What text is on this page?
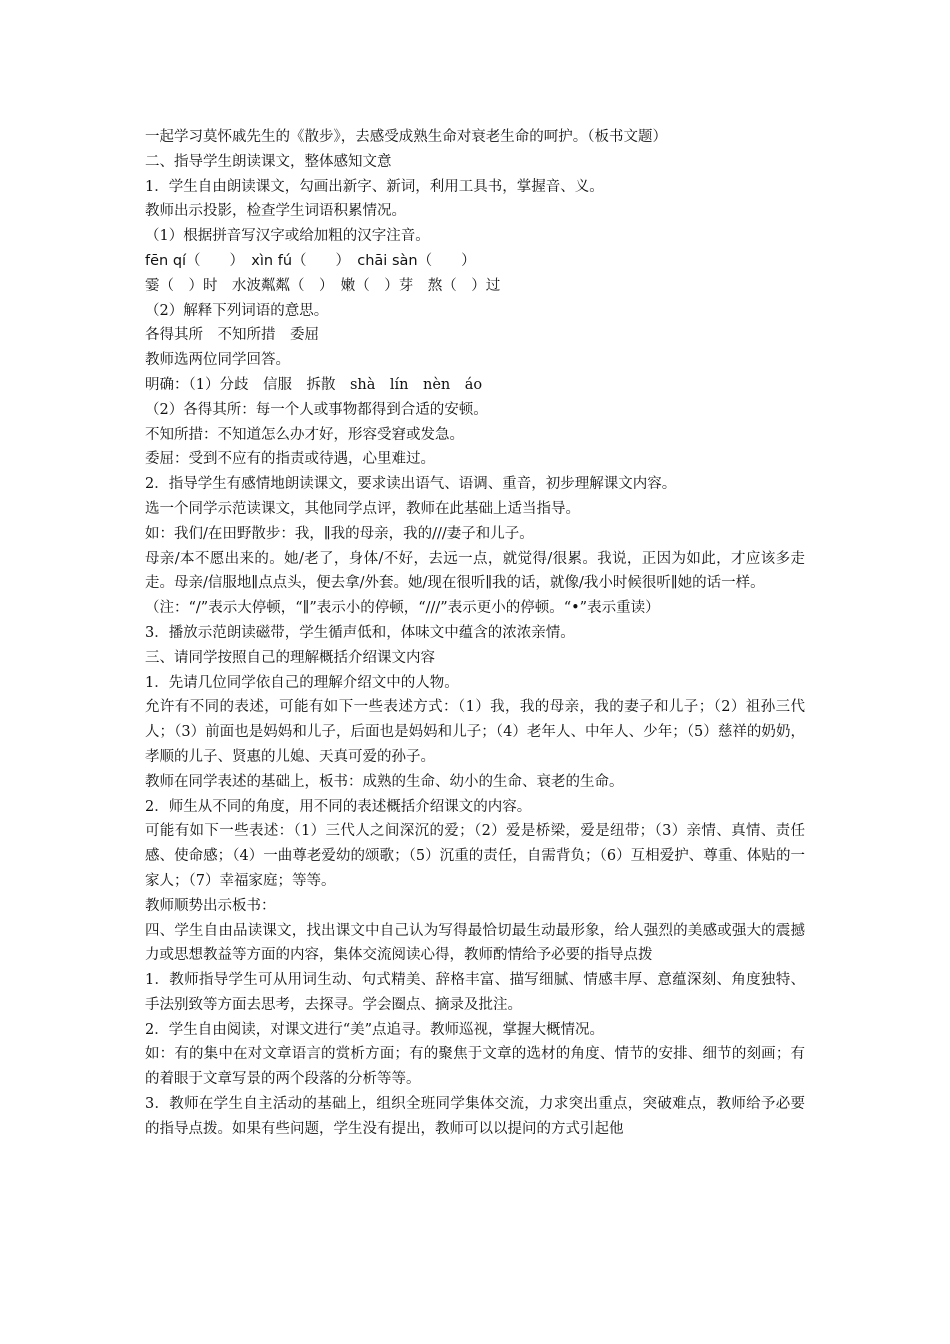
一起学习莫怀戚先生的《散步》，去感受成熟生命对衰老生命的呵护。（板书文题）
二、指导学生朗读课文，整体感知文意
1．学生自由朗读课文，勾画出新字、新词，利用工具书，掌握音、义。
教师出示投影，检查学生词语积累情况。
（1）根据拼音写汉字或给加粗的汉字注音。
fēn qí（　　）　xìn fú（　　）　chāi sàn（　　）
霎（　）时　水波粼粼（　）　嫩（　）芽　熬（　）过
（2）解释下列词语的意思。
各得其所　不知所措　委屈
教师选两位同学回答。
明确：（1）分歧　信服　拆散　shà　lín　nèn　áo
（2）各得其所：每一个人或事物都得到合适的安顿。
不知所措：不知道怎么办才好，形容受窘或发急。
委屈：受到不应有的指责或待遇，心里难过。
2．指导学生有感情地朗读课文，要求读出语气、语调、重音，初步理解课文内容。
选一个同学示范读课文，其他同学点评，教师在此基础上适当指导。
如：我们/在田野散步：我，∥我的母亲，我的///妻子和儿子。
母亲/本不愿出来的。她/老了，身体/不好，去远一点，就觉得/很累。我说，正因为如此，才应该多走走。母亲/信服地∥点点头，便去拿/外套。她/现在很听∥我的话，就像/我小时候很听∥她的话一样。
（注：“/”表示大停顿，“∥”表示小的停顿，“///”表示更小的停顿。“•”表示重读）
3．播放示范朗读磁带，学生循声低和，体味文中蕴含的浓浓亲情。
三、请同学按照自己的理解概括介绍课文内容
1．先请几位同学依自己的理解介绍文中的人物。
允许有不同的表述，可能有如下一些表述方式：（1）我，我的母亲，我的妻子和儿子；（2）祖孙三代人；（3）前面也是妈妈和儿子，后面也是妈妈和儿子；（4）老年人、中年人、少年；（5）慈祥的奶奶，孝顺的儿子、贤惠的儿媳、天真可爱的孙子。
教师在同学表述的基础上，板书：成熟的生命、幼小的生命、衰老的生命。
2．师生从不同的角度，用不同的表述概括介绍课文的内容。
可能有如下一些表述：（1）三代人之间深沉的爱；（2）爱是桥梁，爱是纽带；（3）亲情、真情、责任感、使命感；（4）一曲尊老爱幼的颂歌；（5）沉重的责任，自需背负；（6）互相爱护、尊重、体贴的一家人；（7）幸福家庭；等等。
教师顺势出示板书：
四、学生自由品读课文，找出课文中自己认为写得最恰切最生动最形象，给人强烈的美感或强大的震撼力或思想教益等方面的内容，集体交流阅读心得，教师酌情给予必要的指导点拨
1．教师指导学生可从用词生动、句式精美、辞格丰富、描写细腻、情感丰厚、意蕴深刻、角度独特、手法别致等方面去思考，去探寻。学会圈点、摘录及批注。
2．学生自由阅读，对课文进行“美”点追寻。教师巡视，掌握大概情况。
如：有的集中在对文章语言的赏析方面；有的聚焦于文章的选材的角度、情节的安排、细节的刻画；有的着眼于文章写景的两个段落的分析等等。
3．教师在学生自主活动的基础上，组织全班同学集体交流，力求突出重点，突破难点，教师给予必要的指导点拨。如果有些问题，学生没有提出，教师可以以提问的方式引起他
